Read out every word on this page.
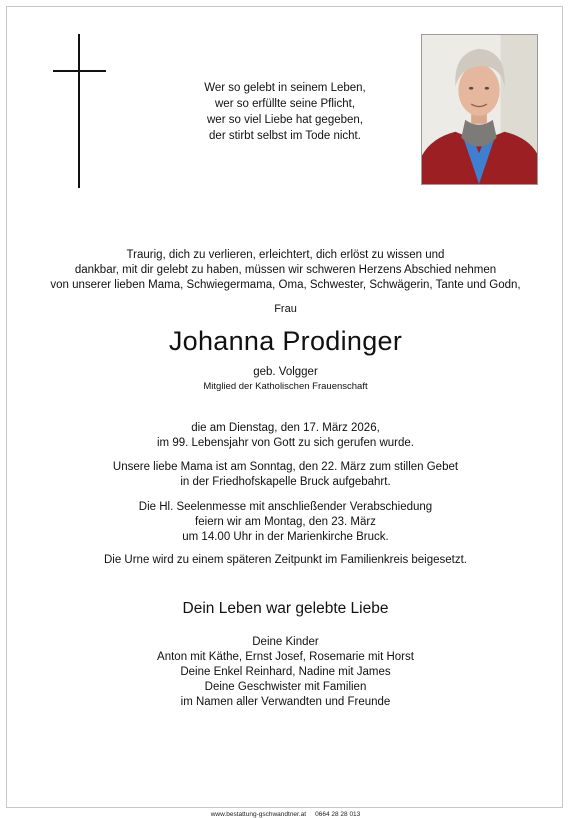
Wer so gelebt in seinem Leben,
wer so erfüllte seine Pflicht,
wer so viel Liebe hat gegeben,
der stirbt selbst im Tode nicht.
Traurig, dich zu verlieren, erleichtert, dich erlöst zu wissen und
dankbar, mit dir gelebt zu haben, müssen wir schweren Herzens Abschied nehmen
von unserer lieben Mama, Schwiegermama, Oma, Schwester, Schwägerin, Tante und Godn,
Frau
Johanna Prodinger
geb. Volgger
Mitglied der Katholischen Frauenschaft
die am Dienstag, den 17. März 2026,
im 99. Lebensjahr von Gott zu sich gerufen wurde.
Unsere liebe Mama ist am Sonntag, den 22. März zum stillen Gebet
in der Friedhofskapelle Bruck aufgebahrt.
Die Hl. Seelenmesse mit anschließender Verabschiedung
feiern wir am Montag, den 23. März
um 14.00 Uhr in der Marienkirche Bruck.
Die Urne wird zu einem späteren Zeitpunkt im Familienkreis beigesetzt.
Dein Leben war gelebte Liebe
Deine Kinder
Anton mit Käthe, Ernst Josef, Rosemarie mit Horst
Deine Enkel Reinhard, Nadine mit James
Deine Geschwister mit Familien
im Namen aller Verwandten und Freunde
www.bestattung-gschwandtner.at     0664 28 28 013
